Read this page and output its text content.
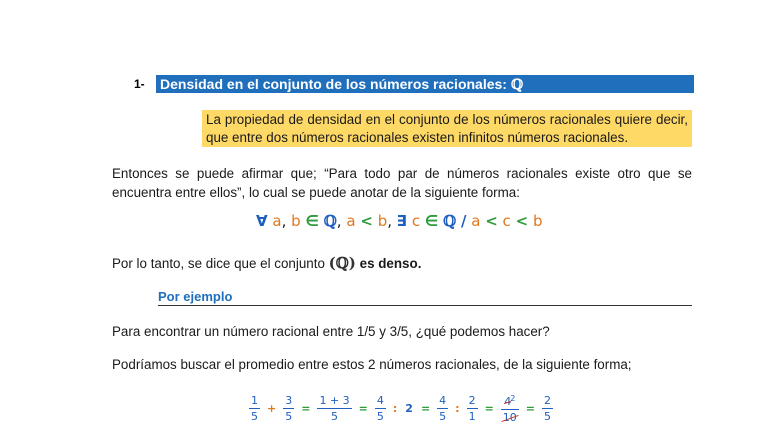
1-	Densidad en el conjunto de los números racionales: ℚ
La propiedad de densidad en el conjunto de los números racionales quiere decir, que entre dos números racionales existen infinitos números racionales.
Entonces se puede afirmar que; “Para todo par de números racionales existe otro que se encuentra entre ellos”, lo cual se puede anotar de la siguiente forma:
∀ a, b ∈ ℚ, a < b, ∃ c ∈ ℚ / a < c < b
Por lo tanto, se dice que el conjunto (ℚ) es denso.
Por ejemplo
Para encontrar un número racional entre 1/5 y 3/5, ¿qué podemos hacer?
Podríamos buscar el promedio entre estos 2 números racionales, de la siguiente forma;
$\frac{1}{5} + \frac{3}{5} = \frac{1 + 3}{5} = \frac{4}{5}$ : $2 = \frac{4}{5}$ : $\frac{2}{1} = \frac{4^2}{10} = \frac{2}{5}$
